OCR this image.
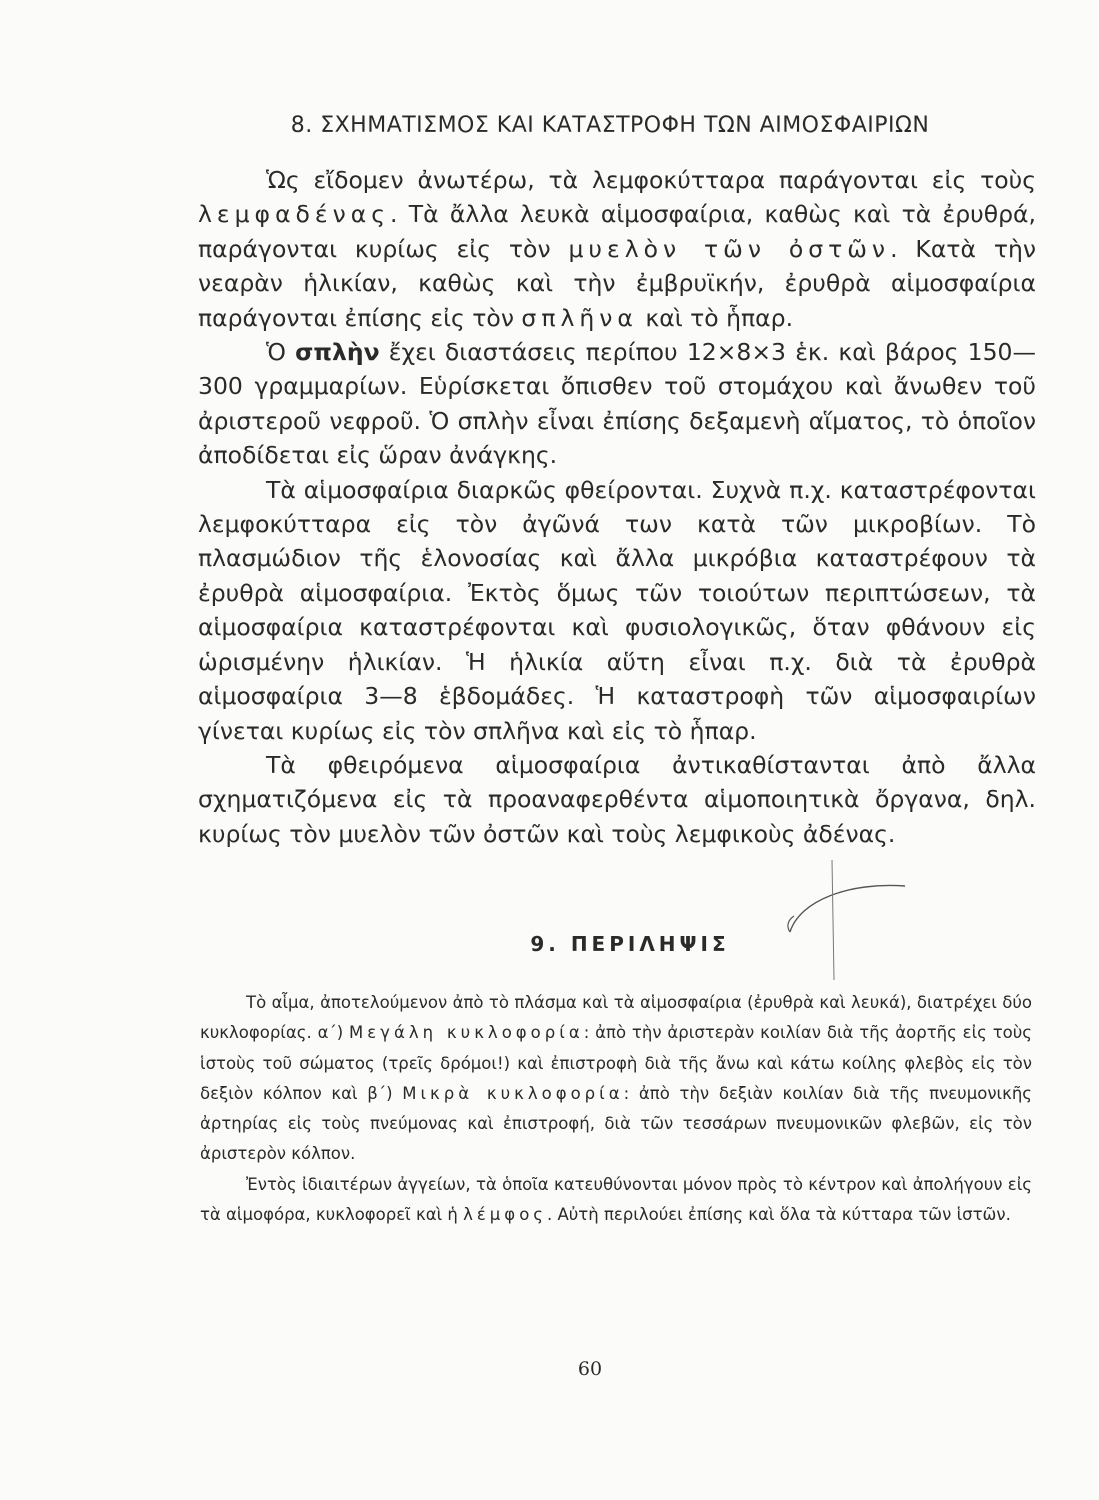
8. ΣΧΗΜΑΤΙΣΜΟΣ ΚΑΙ ΚΑΤΑΣΤΡΟΦΗ ΤΩΝ ΑΙΜΟΣΦΑΙΡΙΩΝ

Ὡς εἴδομεν ἀνωτέρω, τὰ λεμφοκύτταρα παράγονται εἰς τοὺς λεμφαδένας. Τὰ ἄλλα λευκὰ αἱμοσφαίρια, καθὼς καὶ τὰ ἐρυθρά, παράγονται κυρίως εἰς τὸν μυελὸν τῶν ὀστῶν. Κατὰ τὴν νεαρὰν ἡλικίαν, καθὼς καὶ τὴν ἐμβρυϊκήν, ἐρυθρὰ αἱμοσφαίρια παράγονται ἐπίσης εἰς τὸν σπλῆνα καὶ τὸ ἧπαρ.

Ὁ σπλὴν ἔχει διαστάσεις περίπου 12×8×3 ἑκ. καὶ βάρος 150—300 γραμμαρίων. Εὑρίσκεται ὄπισθεν τοῦ στομάχου καὶ ἄνωθεν τοῦ ἀριστεροῦ νεφροῦ. Ὁ σπλὴν εἶναι ἐπίσης δεξαμενὴ αἵματος, τὸ ὁποῖον ἀποδίδεται εἰς ὥραν ἀνάγκης.

Τὰ αἱμοσφαίρια διαρκῶς φθείρονται. Συχνὰ π.χ. καταστρέφονται λεμφοκύτταρα εἰς τὸν ἀγῶνά των κατὰ τῶν μικροβίων. Τὸ πλασμώδιον τῆς ἑλονοσίας καὶ ἄλλα μικρόβια καταστρέφουν τὰ ἐρυθρὰ αἱμοσφαίρια. Ἐκτὸς ὅμως τῶν τοιούτων περιπτώσεων, τὰ αἱμοσφαίρια καταστρέφονται καὶ φυσιολογικῶς, ὅταν φθάνουν εἰς ὡρισμένην ἡλικίαν. Ἡ ἡλικία αὕτη εἶναι π.χ. διὰ τὰ ἐρυθρὰ αἱμοσφαίρια 3—8 ἑβδομάδες. Ἡ καταστροφὴ τῶν αἱμοσφαιρίων γίνεται κυρίως εἰς τὸν σπλῆνα καὶ εἰς τὸ ἧπαρ.

Τὰ φθειρόμενα αἱμοσφαίρια ἀντικαθίστανται ἀπὸ ἄλλα σχηματιζόμενα εἰς τὰ προαναφερθέντα αἱμοποιητικὰ ὄργανα, δηλ. κυρίως τὸν μυελὸν τῶν ὀστῶν καὶ τοὺς λεμφικοὺς ἀδένας.

9. ΠΕΡΙΛΗΨΙΣ

Τὸ αἷμα, ἀποτελούμενον ἀπὸ τὸ πλάσμα καὶ τὰ αἱμοσφαίρια (ἐρυθρὰ καὶ λευκά), διατρέχει δύο κυκλοφορίας. α΄) Μεγάλη κυκλοφορία: ἀπὸ τὴν ἀριστερὰν κοιλίαν διὰ τῆς ἀορτῆς εἰς τοὺς ἱστοὺς τοῦ σώματος (τρεῖς δρόμοι!) καὶ ἐπιστροφὴ διὰ τῆς ἄνω καὶ κάτω κοίλης φλεβὸς εἰς τὸν δεξιὸν κόλπον καὶ β΄) Μικρὰ κυκλοφορία: ἀπὸ τὴν δεξιὰν κοιλίαν διὰ τῆς πνευμονικῆς ἀρτηρίας εἰς τοὺς πνεύμονας καὶ ἐπιστροφή, διὰ τῶν τεσσάρων πνευμονικῶν φλεβῶν, εἰς τὸν ἀριστερὸν κόλπον.

Ἐντὸς ἰδιαιτέρων ἀγγείων, τὰ ὁποῖα κατευθύνονται μόνον πρὸς τὸ κέντρον καὶ ἀπολήγουν εἰς τὰ αἱμοφόρα, κυκλοφορεῖ καὶ ἡ λέμφος. Αὐτὴ περιλούει ἐπίσης καὶ ὅλα τὰ κύτταρα τῶν ἱστῶν.

60
